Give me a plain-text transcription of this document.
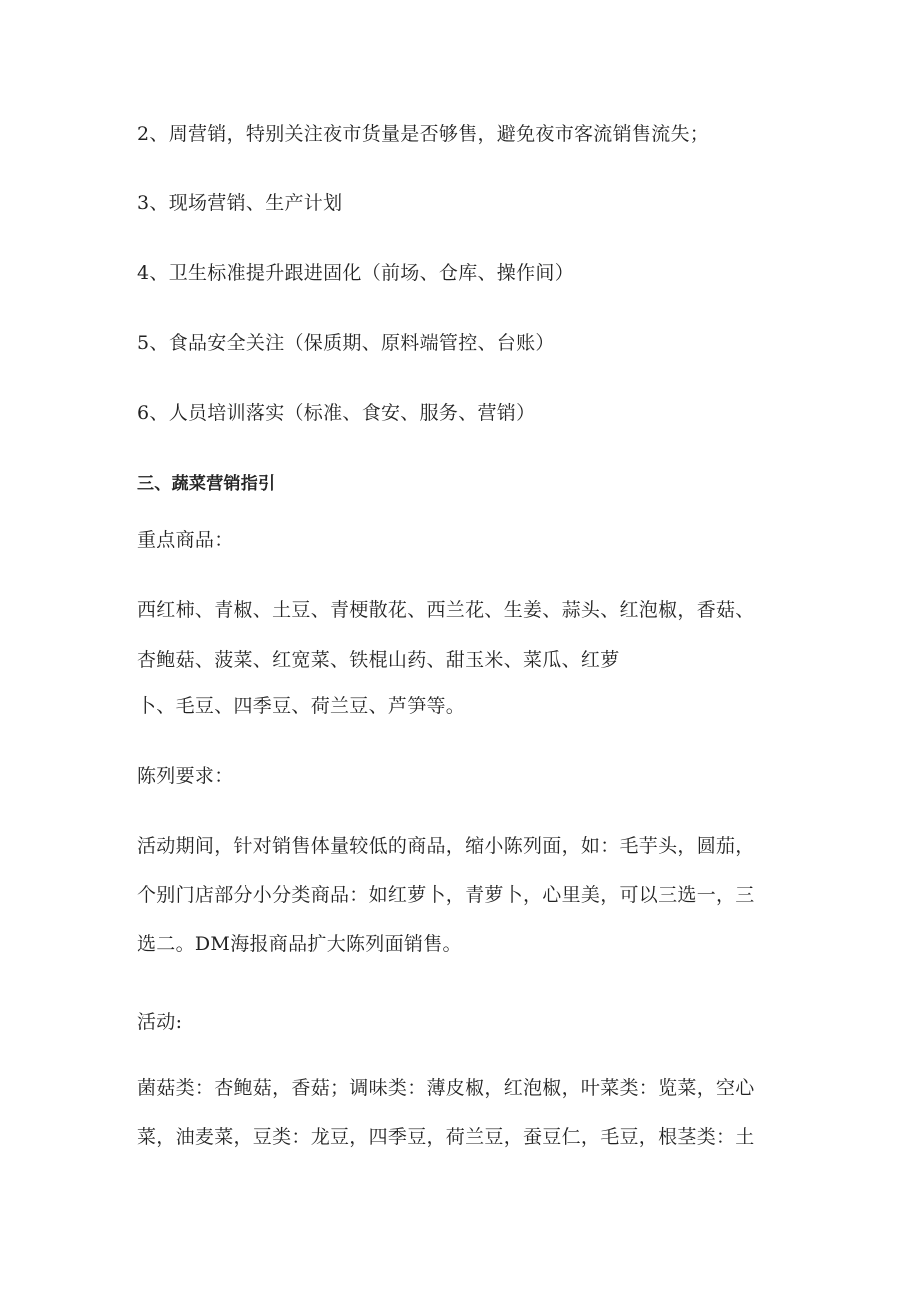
2、周营销，特别关注夜市货量是否够售，避免夜市客流销售流失；
3、现场营销、生产计划
4、卫生标准提升跟进固化（前场、仓库、操作间）
5、食品安全关注（保质期、原料端管控、台账）
6、人员培训落实（标准、食安、服务、营销）
三、蔬菜营销指引
重点商品：
西红柿、青椒、土豆、青梗散花、西兰花、生姜、蒜头、红泡椒，香菇、
杏鲍菇、菠菜、红宽菜、铁棍山药、甜玉米、菜瓜、红萝
卜、毛豆、四季豆、荷兰豆、芦笋等。
陈列要求：
活动期间，针对销售体量较低的商品，缩小陈列面，如：毛芋头，圆茄，
个别门店部分小分类商品：如红萝卜，青萝卜，心里美，可以三选一，三
选二。DM海报商品扩大陈列面销售。
活动:
菌菇类：杏鲍菇，香菇；调味类：薄皮椒，红泡椒，叶菜类：览菜，空心
菜，油麦菜，豆类：龙豆，四季豆，荷兰豆，蚕豆仁，毛豆，根茎类：土
